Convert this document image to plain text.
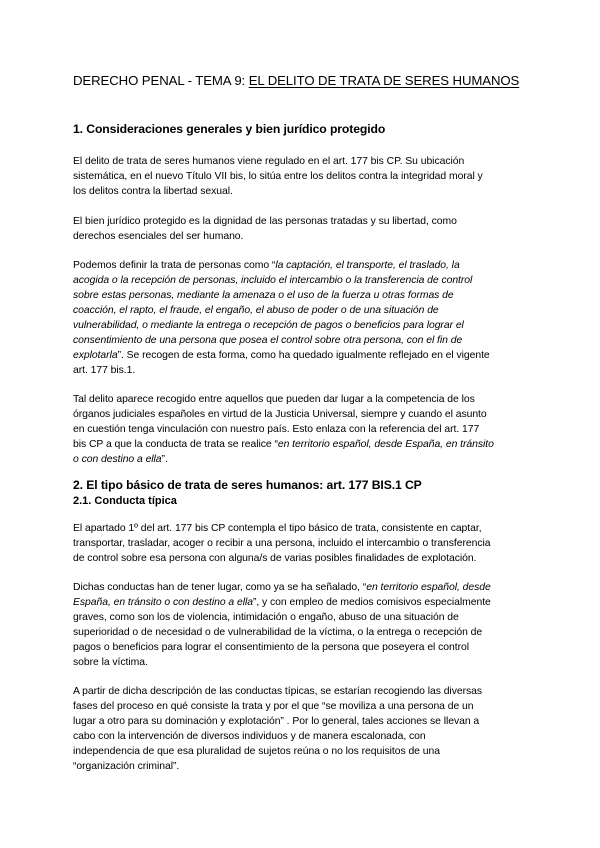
DERECHO PENAL - TEMA 9: EL DELITO DE TRATA DE SERES HUMANOS
1. Consideraciones generales y bien jurídico protegido
El delito de trata de seres humanos viene regulado en el art. 177 bis CP. Su ubicación
sistemática, en el nuevo Título VII bis, lo sitúa entre los delitos contra la integridad moral y
los delitos contra la libertad sexual.
El bien jurídico protegido es la dignidad de las personas tratadas y su libertad, como
derechos esenciales del ser humano.
Podemos definir la trata de personas como “la captación, el transporte, el traslado, la
acogida o la recepción de personas, incluido el intercambio o la transferencia de control
sobre estas personas, mediante la amenaza o el uso de la fuerza u otras formas de
coacción, el rapto, el fraude, el engaño, el abuso de poder o de una situación de
vulnerabilidad, o mediante la entrega o recepción de pagos o beneficios para lograr el
consentimiento de una persona que posea el control sobre otra persona, con el fin de
explotarla”. Se recogen de esta forma, como ha quedado igualmente reflejado en el vigente
art. 177 bis.1.
Tal delito aparece recogido entre aquellos que pueden dar lugar a la competencia de los
órganos judiciales españoles en virtud de la Justicia Universal, siempre y cuando el asunto
en cuestión tenga vinculación con nuestro país. Esto enlaza con la referencia del art. 177
bis CP a que la conducta de trata se realice “en territorio español, desde España, en tránsito
o con destino a ella”.
2. El tipo básico de trata de seres humanos: art. 177 BIS.1 CP
2.1. Conducta típica
El apartado 1º del art. 177 bis CP contempla el tipo básico de trata, consistente en captar,
transportar, trasladar, acoger o recibir a una persona, incluido el intercambio o transferencia
de control sobre esa persona con alguna/s de varias posibles finalidades de explotación.
Dichas conductas han de tener lugar, como ya se ha señalado, “en territorio español, desde
España, en tránsito o con destino a ella”, y con empleo de medios comisivos especialmente
graves, como son los de violencia, intimidación o engaño, abuso de una situación de
superioridad o de necesidad o de vulnerabilidad de la víctima, o la entrega o recepción de
pagos o beneficios para lograr el consentimiento de la persona que poseyera el control
sobre la víctima.
A partir de dicha descripción de las conductas típicas, se estarían recogiendo las diversas
fases del proceso en qué consiste la trata y por el que “se moviliza a una persona de un
lugar a otro para su dominación y explotación” . Por lo general, tales acciones se llevan a
cabo con la intervención de diversos individuos y de manera escalonada, con
independencia de que esa pluralidad de sujetos reúna o no los requisitos de una
“organización criminal”.
